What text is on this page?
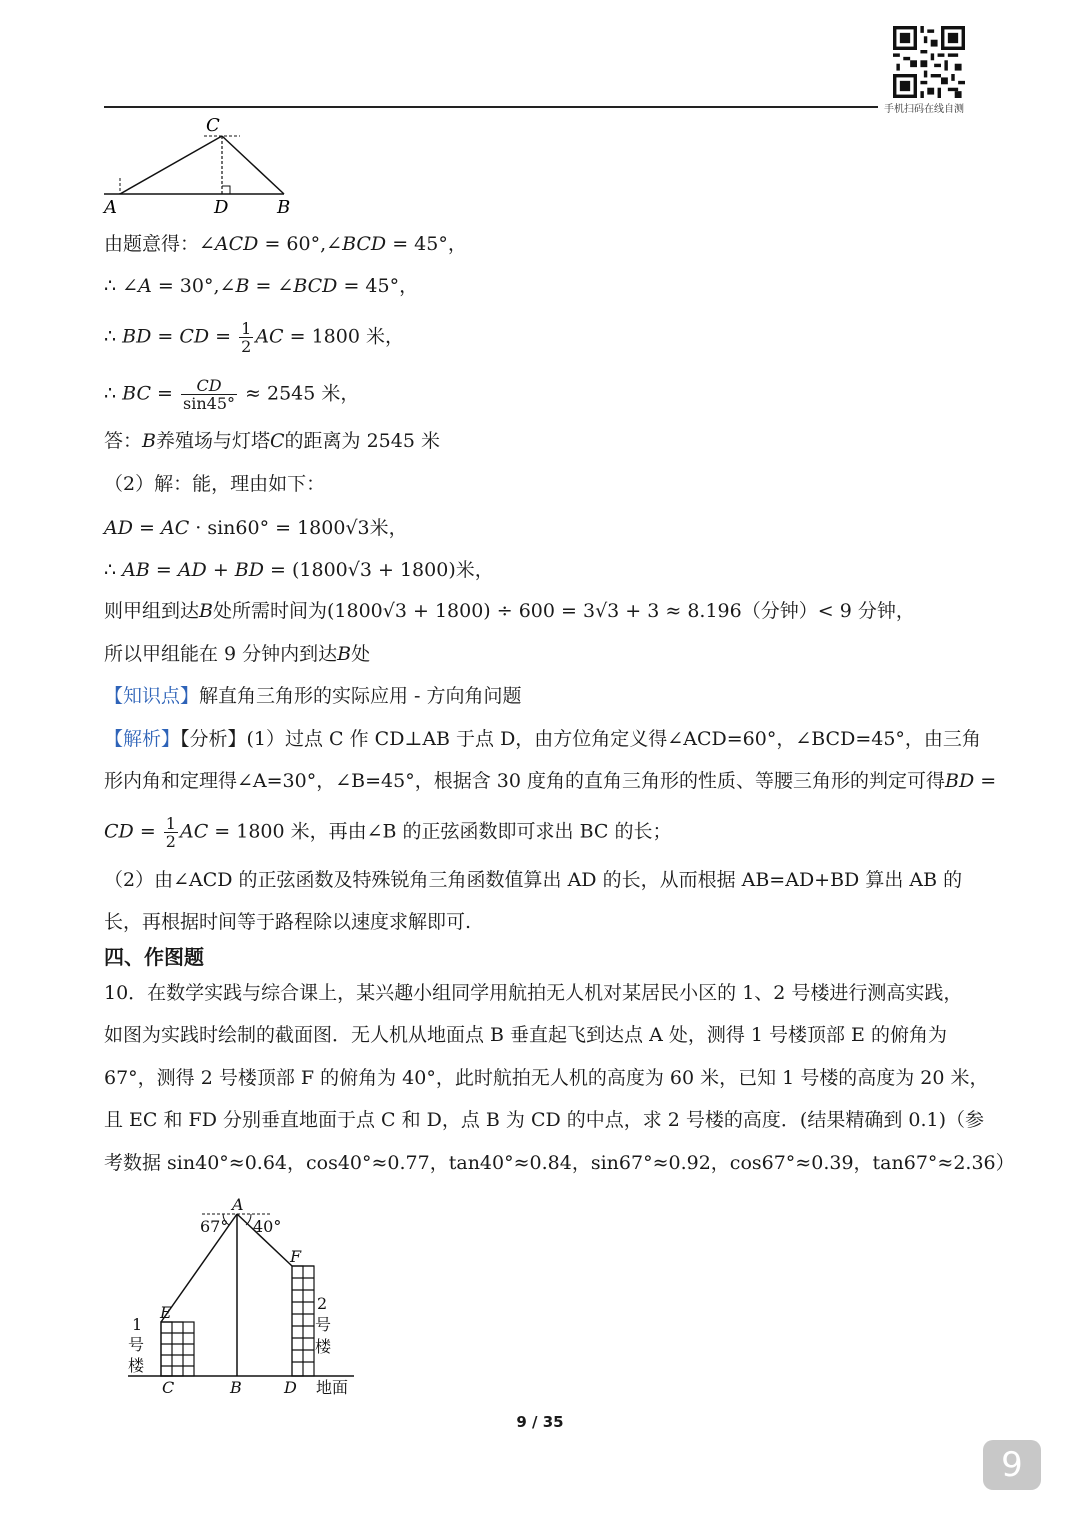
手机扫码在线自测
C
A	D	B
由题意得：∠ACD = 60°,∠BCD = 45°，
∴ ∠A = 30°,∠B = ∠BCD = 45°，
∴ BD = CD = $\frac{1}{2}$ AC = 1800 米，
∴ BC = $\frac{CD}{\sin 45^\circ} \approx 2545$ 米，
答：B养殖场与灯塔C的距离为 2545 米
（2）解：能，理由如下：
AD = AC · sin60° = 1800√3米，
∴ AB = AD + BD = (1800√3 + 1800)米，
则甲组到达B处所需时间为(1800√3 + 1800) ÷ 600 = 3√3 + 3 ≈ 8.196（分钟）< 9 分钟，
所以甲组能在 9 分钟内到达B处
【知识点】解直角三角形的实际应用 - 方向角问题
【解析】【分析】(1）过点 C 作 CD⊥AB 于点 D，由方位角定义得∠ACD=60°，∠BCD=45°，由三角
形内角和定理得∠A=30°，∠B=45°，根据含 30 度角的直角三角形的性质、等腰三角形的判定可得BD =
CD = $\frac{1}{2}$ AC = 1800 米，再由∠B 的正弦函数即可求出 BC 的长；
（2）由∠ACD 的正弦函数及特殊锐角三角函数值算出 AD 的长，从而根据 AB=AD+BD 算出 AB 的
长，再根据时间等于路程除以速度求解即可.
四、作图题
10．在数学实践与综合课上，某兴趣小组同学用航拍无人机对某居民小区的 1、2 号楼进行测高实践，
如图为实践时绘制的截面图．无人机从地面点 B 垂直起飞到达点 A 处，测得 1 号楼顶部 E 的俯角为
67°，测得 2 号楼顶部 F 的俯角为 40°，此时航拍无人机的高度为 60 米，已知 1 号楼的高度为 20 米，
且 EC 和 FD 分别垂直地面于点 C 和 D，点 B 为 CD 的中点，求 2 号楼的高度．(结果精确到 0.1)（参
考数据 sin40°≈0.64，cos40°≈0.77，tan40°≈0.84，sin67°≈0.92，cos67°≈0.39，tan67°≈2.36）
A
67° 40°
F
E
1
号
楼
2
号
楼
C	B	D 地面
9 / 35
9
